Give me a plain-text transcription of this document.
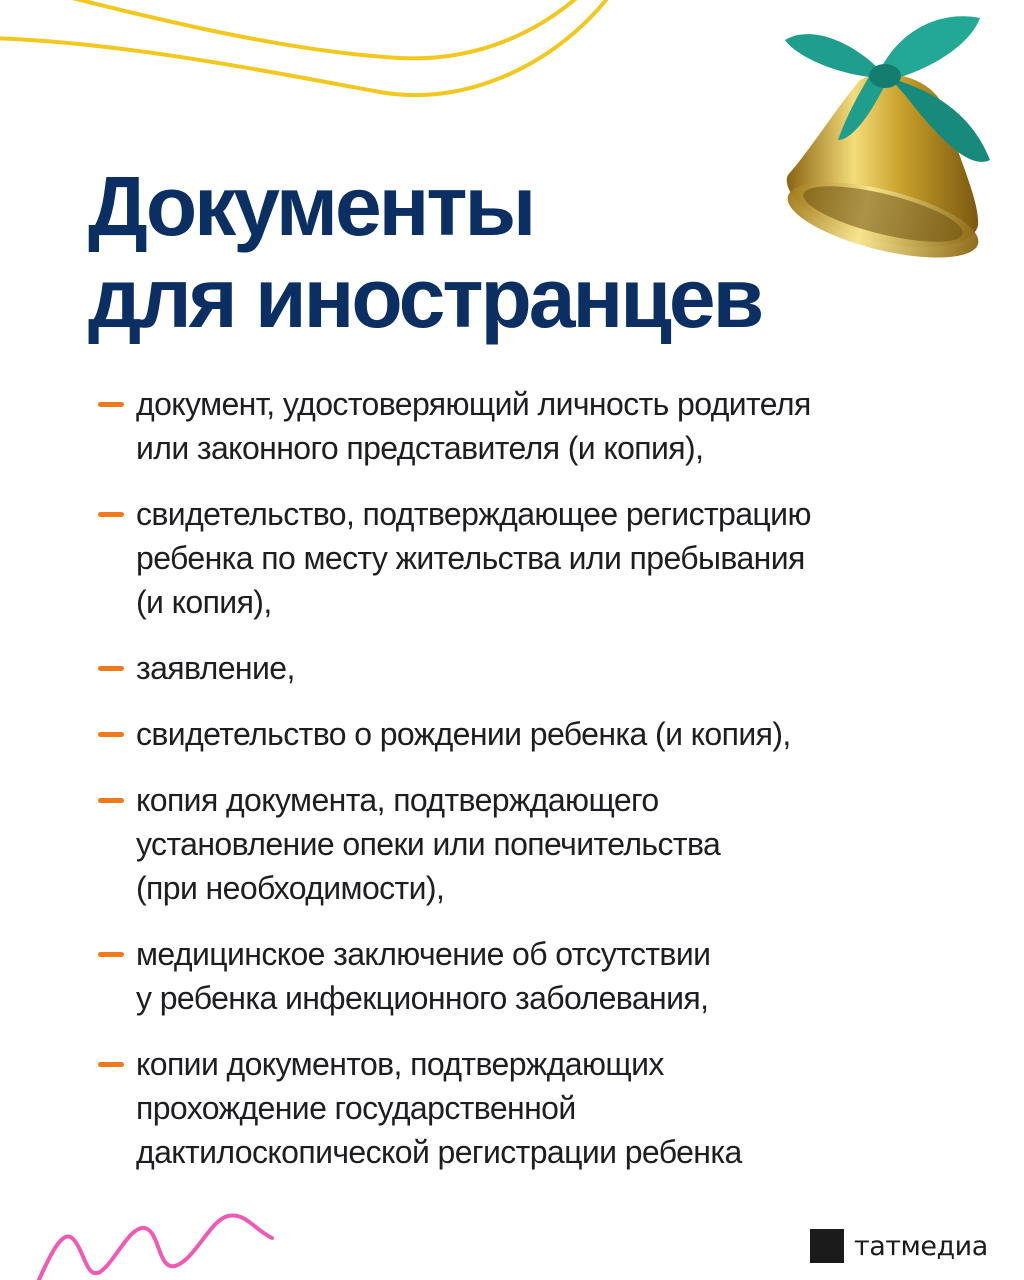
Документы
для иностранцев
документ, удостоверяющий личность родителя
или законного представителя (и копия),
свидетельство, подтверждающее регистрацию
ребенка по месту жительства или пребывания
(и копия),
заявление,
свидетельство о рождении ребенка (и копия),
копия документа, подтверждающего
установление опеки или попечительства
(при необходимости),
медицинское заключение об отсутствии
у ребенка инфекционного заболевания,
копии документов, подтверждающих
прохождение государственной
дактилоскопической регистрации ребенка
татмедиа
